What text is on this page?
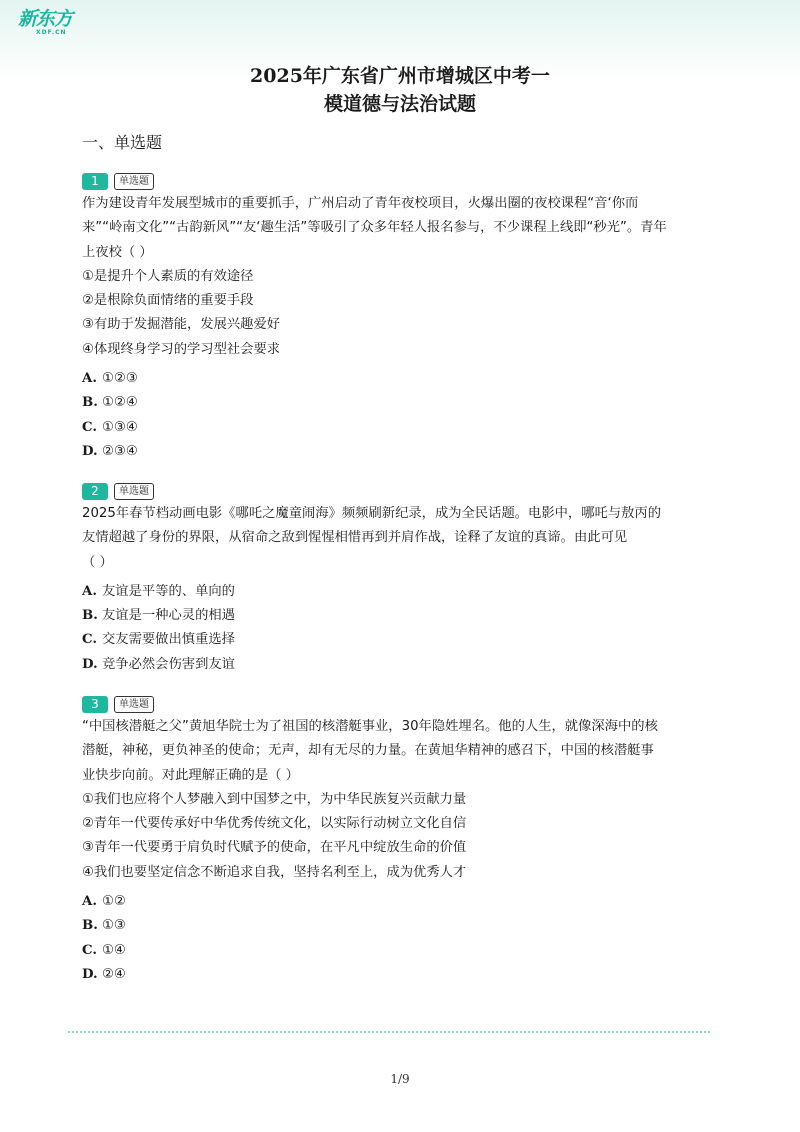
新东方
XDF.CN
2025年广东省广州市增城区中考一
模道德与法治试题
一、单选题
1	单选题
作为建设青年发展型城市的重要抓手，广州启动了青年夜校项目，火爆出圈的夜校课程“音‘你而
来”“岭南文化”“古韵新风”“友‘趣生活”等吸引了众多年轻人报名参与，不少课程上线即“秒光”。青年
上夜校（ ）
①是提升个人素质的有效途径
②是根除负面情绪的重要手段
③有助于发掘潜能，发展兴趣爱好
④体现终身学习的学习型社会要求
A. ①②③
B. ①②④
C. ①③④
D. ②③④
2	单选题
2025年春节档动画电影《哪吒之魔童闹海》频频刷新纪录，成为全民话题。电影中，哪吒与敖丙的
友情超越了身份的界限，从宿命之敌到惺惺相惜再到并肩作战，诠释了友谊的真谛。由此可见
（ ）
A. 友谊是平等的、单向的
B. 友谊是一种心灵的相遇
C. 交友需要做出慎重选择
D. 竞争必然会伤害到友谊
3	单选题
“中国核潜艇之父”黄旭华院士为了祖国的核潜艇事业，30年隐姓埋名。他的人生，就像深海中的核
潜艇，神秘，更负神圣的使命；无声，却有无尽的力量。在黄旭华精神的感召下，中国的核潜艇事
业快步向前。对此理解正确的是（ ）
①我们也应将个人梦融入到中国梦之中，为中华民族复兴贡献力量
②青年一代要传承好中华优秀传统文化，以实际行动树立文化自信
③青年一代要勇于肩负时代赋予的使命，在平凡中绽放生命的价值
④我们也要坚定信念不断追求自我，坚持名利至上，成为优秀人才
A. ①②
B. ①③
C. ①④
D. ②④
1/9
